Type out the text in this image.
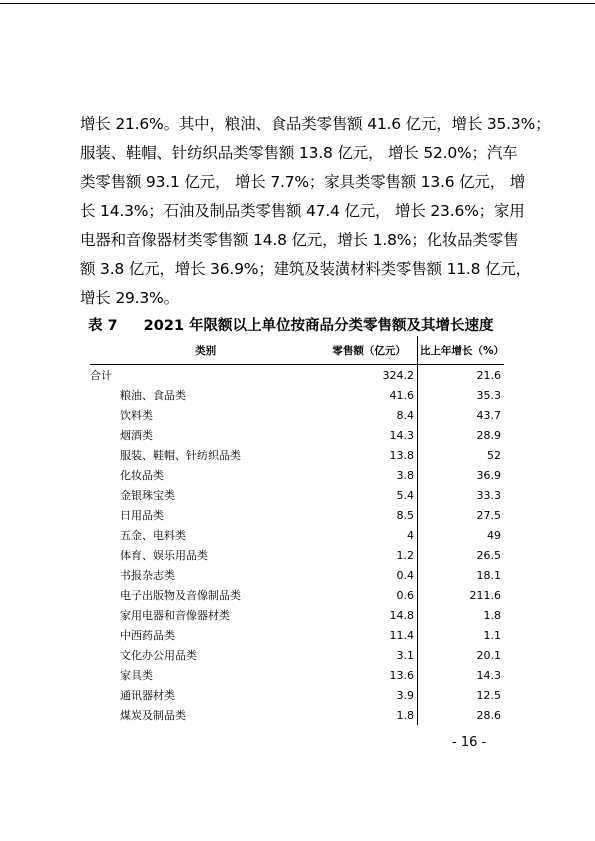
增长 21.6%。其中，粮油、食品类零售额 41.6 亿元，增长 35.3%；
服装、鞋帽、针纺织品类零售额 13.8 亿元， 增长 52.0%；汽车
类零售额 93.1 亿元， 增长 7.7%；家具类零售额 13.6 亿元， 增
长 14.3%；石油及制品类零售额 47.4 亿元， 增长 23.6%；家用
电器和音像器材类零售额 14.8 亿元，增长 1.8%；化妆品类零售
额 3.8 亿元，增长 36.9%；建筑及装潢材料类零售额 11.8 亿元，
增长 29.3%。
表 7 2021 年限额以上单位按商品分类零售额及其增长速度
类别	零售额（亿元）	比上年增长（%）
合计	324.2	21.6
粮油、食品类	41.6	35.3
饮料类	8.4	43.7
烟酒类	14.3	28.9
服装、鞋帽、针纺织品类	13.8	52
化妆品类	3.8	36.9
金银珠宝类	5.4	33.3
日用品类	8.5	27.5
五金、电料类	4	49
体育、娱乐用品类	1.2	26.5
书报杂志类	0.4	18.1
电子出版物及音像制品类	0.6	211.6
家用电器和音像器材类	14.8	1.8
中西药品类	11.4	1.1
文化办公用品类	3.1	20.1
家具类	13.6	14.3
通讯器材类	3.9	12.5
煤炭及制品类	1.8	28.6
- 16 -
